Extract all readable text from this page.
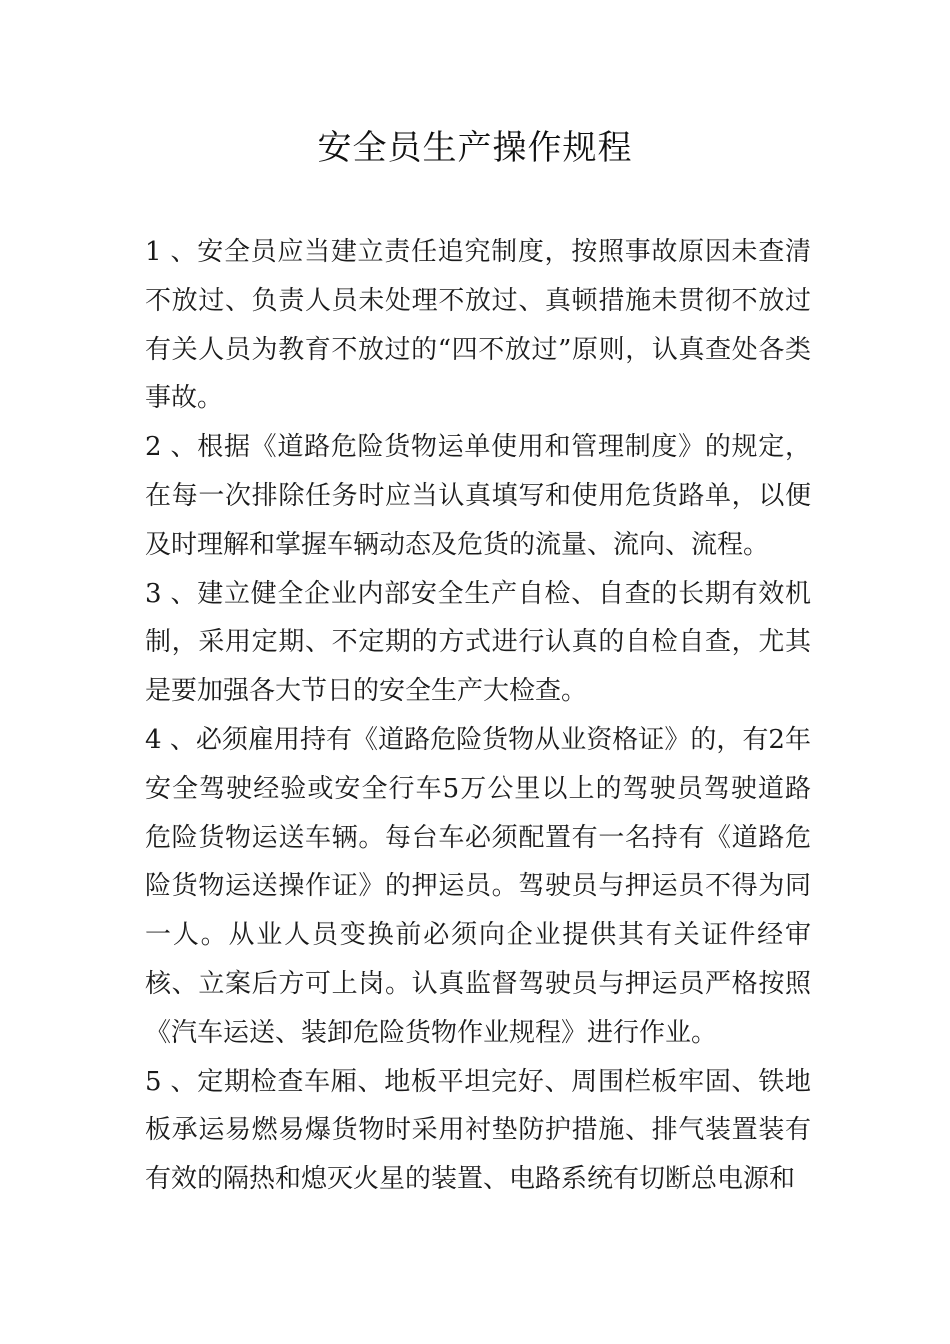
安全员生产操作规程

1 、安全员应当建立责任追究制度，按照事故原因未查清不放过、负责人员未处理不放过、真顿措施未贯彻不放过有关人员为教育不放过的“四不放过”原则，认真查处各类事故。

2 、根据《道路危险货物运单使用和管理制度》的规定，在每一次排除任务时应当认真填写和使用危货路单，以便及时理解和掌握车辆动态及危货的流量、流向、流程。

3 、建立健全企业内部安全生产自检、自查的长期有效机制，采用定期、不定期的方式进行认真的自检自查，尤其是要加强各大节日的安全生产大检查。

4 、必须雇用持有《道路危险货物从业资格证》的，有2年安全驾驶经验或安全行车5万公里以上的驾驶员驾驶道路危险货物运送车辆。每台车必须配置有一名持有《道路危险货物运送操作证》的押运员。驾驶员与押运员不得为同一人。从业人员变换前必须向企业提供其有关证件经审核、立案后方可上岗。认真监督驾驶员与押运员严格按照《汽车运送、装卸危险货物作业规程》进行作业。

5 、定期检查车厢、地板平坦完好、周围栏板牢固、铁地板承运易燃易爆货物时采用衬垫防护措施、排气装置装有有效的隔热和熄灭火星的装置、电路系统有切断总电源和
